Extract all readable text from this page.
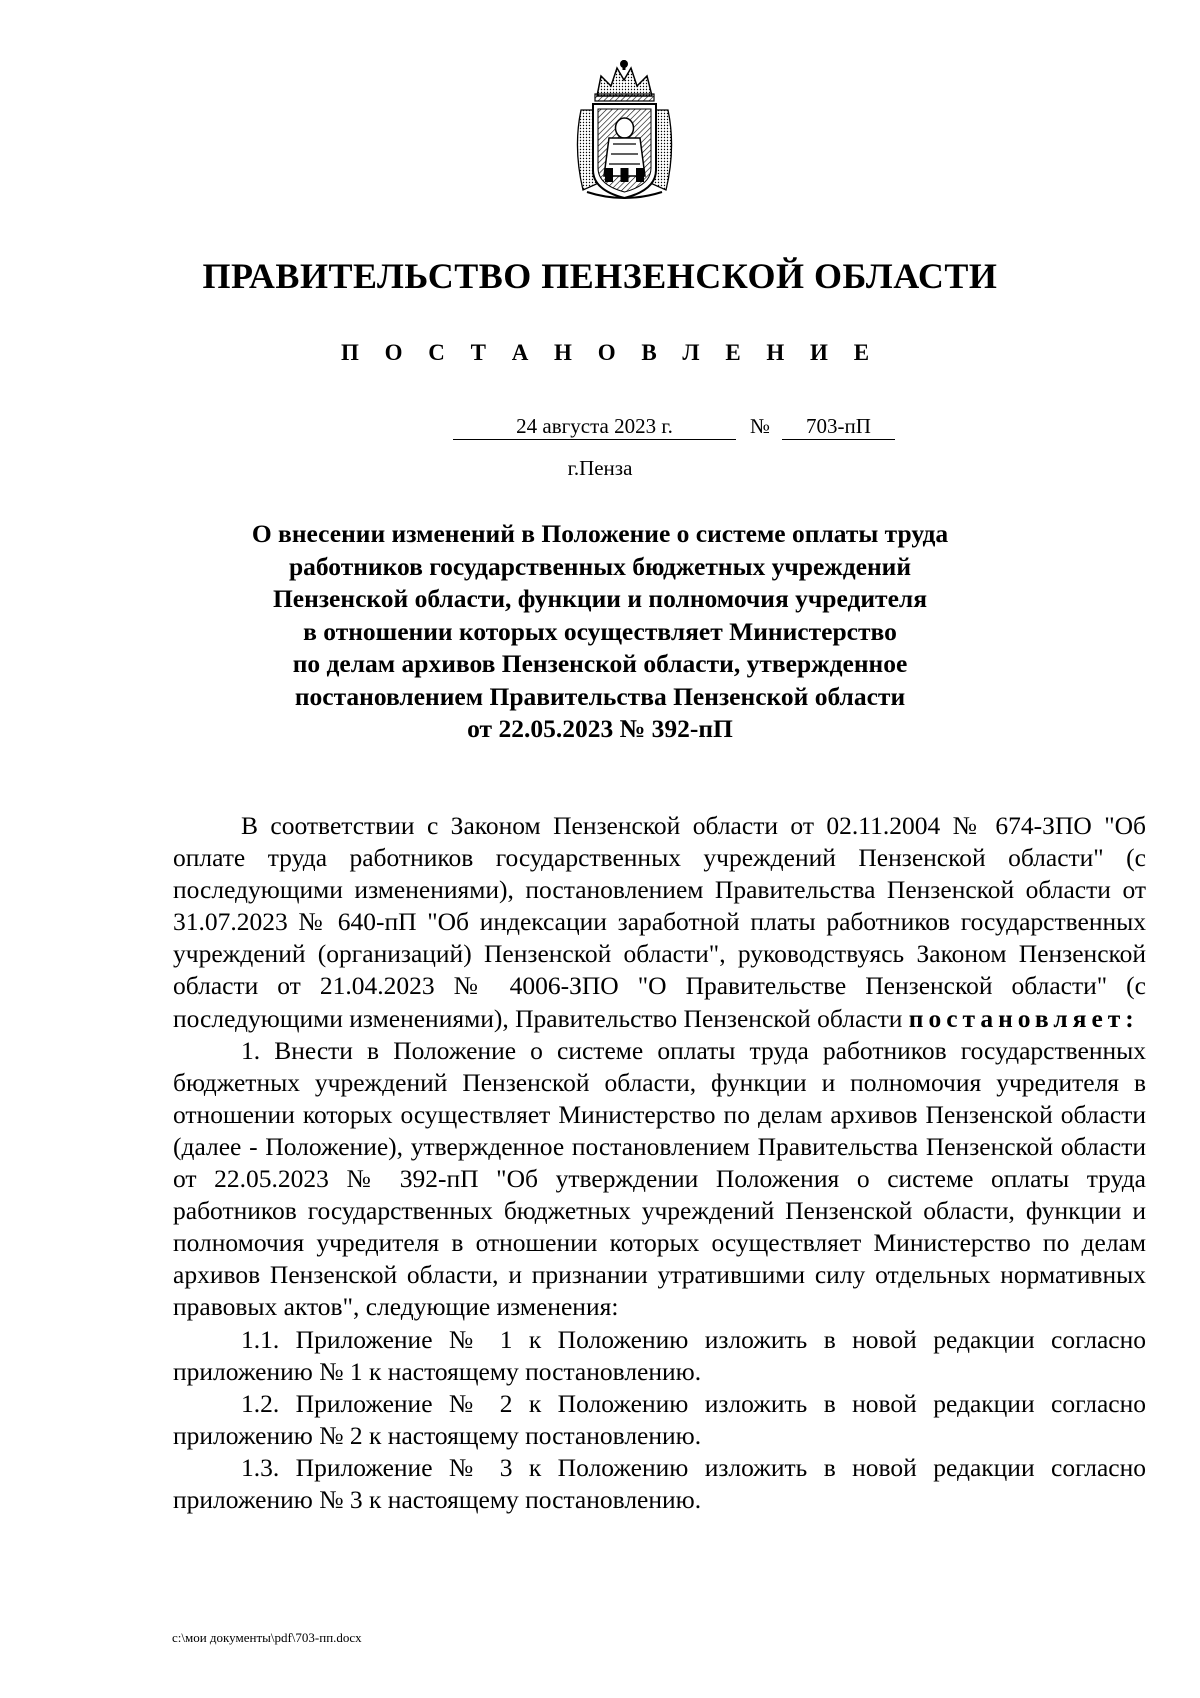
ПРАВИТЕЛЬСТВО ПЕНЗЕНСКОЙ ОБЛАСТИ
П О С Т А Н О В Л Е Н И Е
24 августа 2023 г.	№	703-пП
г.Пенза
О внесении изменений в Положение о системе оплаты труда
работников государственных бюджетных учреждений
Пензенской области, функции и полномочия учредителя
в отношении которых осуществляет Министерство
по делам архивов Пензенской области, утвержденное
постановлением Правительства Пензенской области
от 22.05.2023 № 392-пП

В соответствии с Законом Пензенской области от 02.11.2004 № 674-ЗПО "Об оплате труда работников государственных учреждений Пензенской области" (с последующими изменениями), постановлением Правительства Пензенской области от 31.07.2023 № 640-пП "Об индексации заработной платы работников государственных учреждений (организаций) Пензенской области", руководствуясь Законом Пензенской области от 21.04.2023 № 4006-ЗПО "О Правительстве Пензенской области" (с последующими изменениями), Правительство Пензенской области постановляет:

1. Внести в Положение о системе оплаты труда работников государственных бюджетных учреждений Пензенской области, функции и полномочия учредителя в отношении которых осуществляет Министерство по делам архивов Пензенской области (далее - Положение), утвержденное постановлением Правительства Пензенской области от 22.05.2023 № 392-пП "Об утверждении Положения о системе оплаты труда работников государственных бюджетных учреждений Пензенской области, функции и полномочия учредителя в отношении которых осуществляет Министерство по делам архивов Пензенской области, и признании утратившими силу отдельных нормативных правовых актов", следующие изменения:

1.1. Приложение № 1 к Положению изложить в новой редакции согласно приложению № 1 к настоящему постановлению.

1.2. Приложение № 2 к Положению изложить в новой редакции согласно приложению № 2 к настоящему постановлению.

1.3. Приложение № 3 к Положению изложить в новой редакции согласно приложению № 3 к настоящему постановлению.

c:\мои документы\pdf\703-пп.docx
